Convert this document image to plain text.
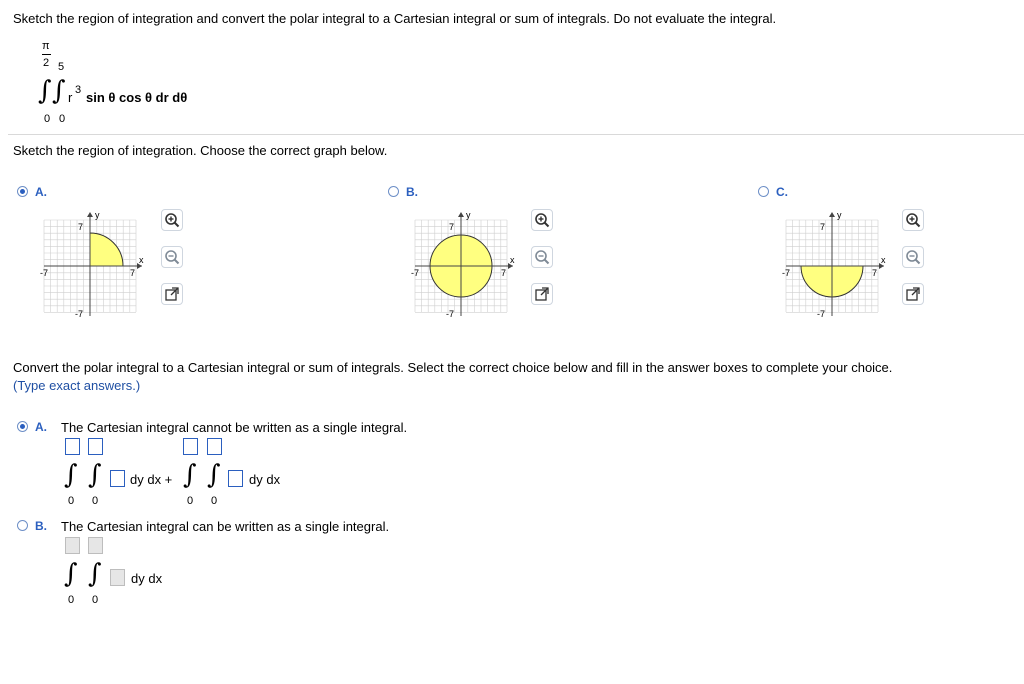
Sketch the region of integration and convert the polar integral to a Cartesian integral or sum of integrals. Do not evaluate the integral.
π
2 5
∫ ∫ r 3 sin θ cos θ dr dθ
0 0
Sketch the region of integration. Choose the correct graph below.
A.	B.	C.
y
x
7
-7	7
-7
y
x
7
-7	7
-7
y
x
7
-7	7
-7
Convert the polar integral to a Cartesian integral or sum of integrals. Select the correct choice below and fill in the answer boxes to complete your choice.
(Type exact answers.)
A. The Cartesian integral cannot be written as a single integral.
∫ ∫ dy dx +
0 0
∫ ∫ dy dx
0 0
B. The Cartesian integral can be written as a single integral.
∫ ∫ dy dx
0 0
